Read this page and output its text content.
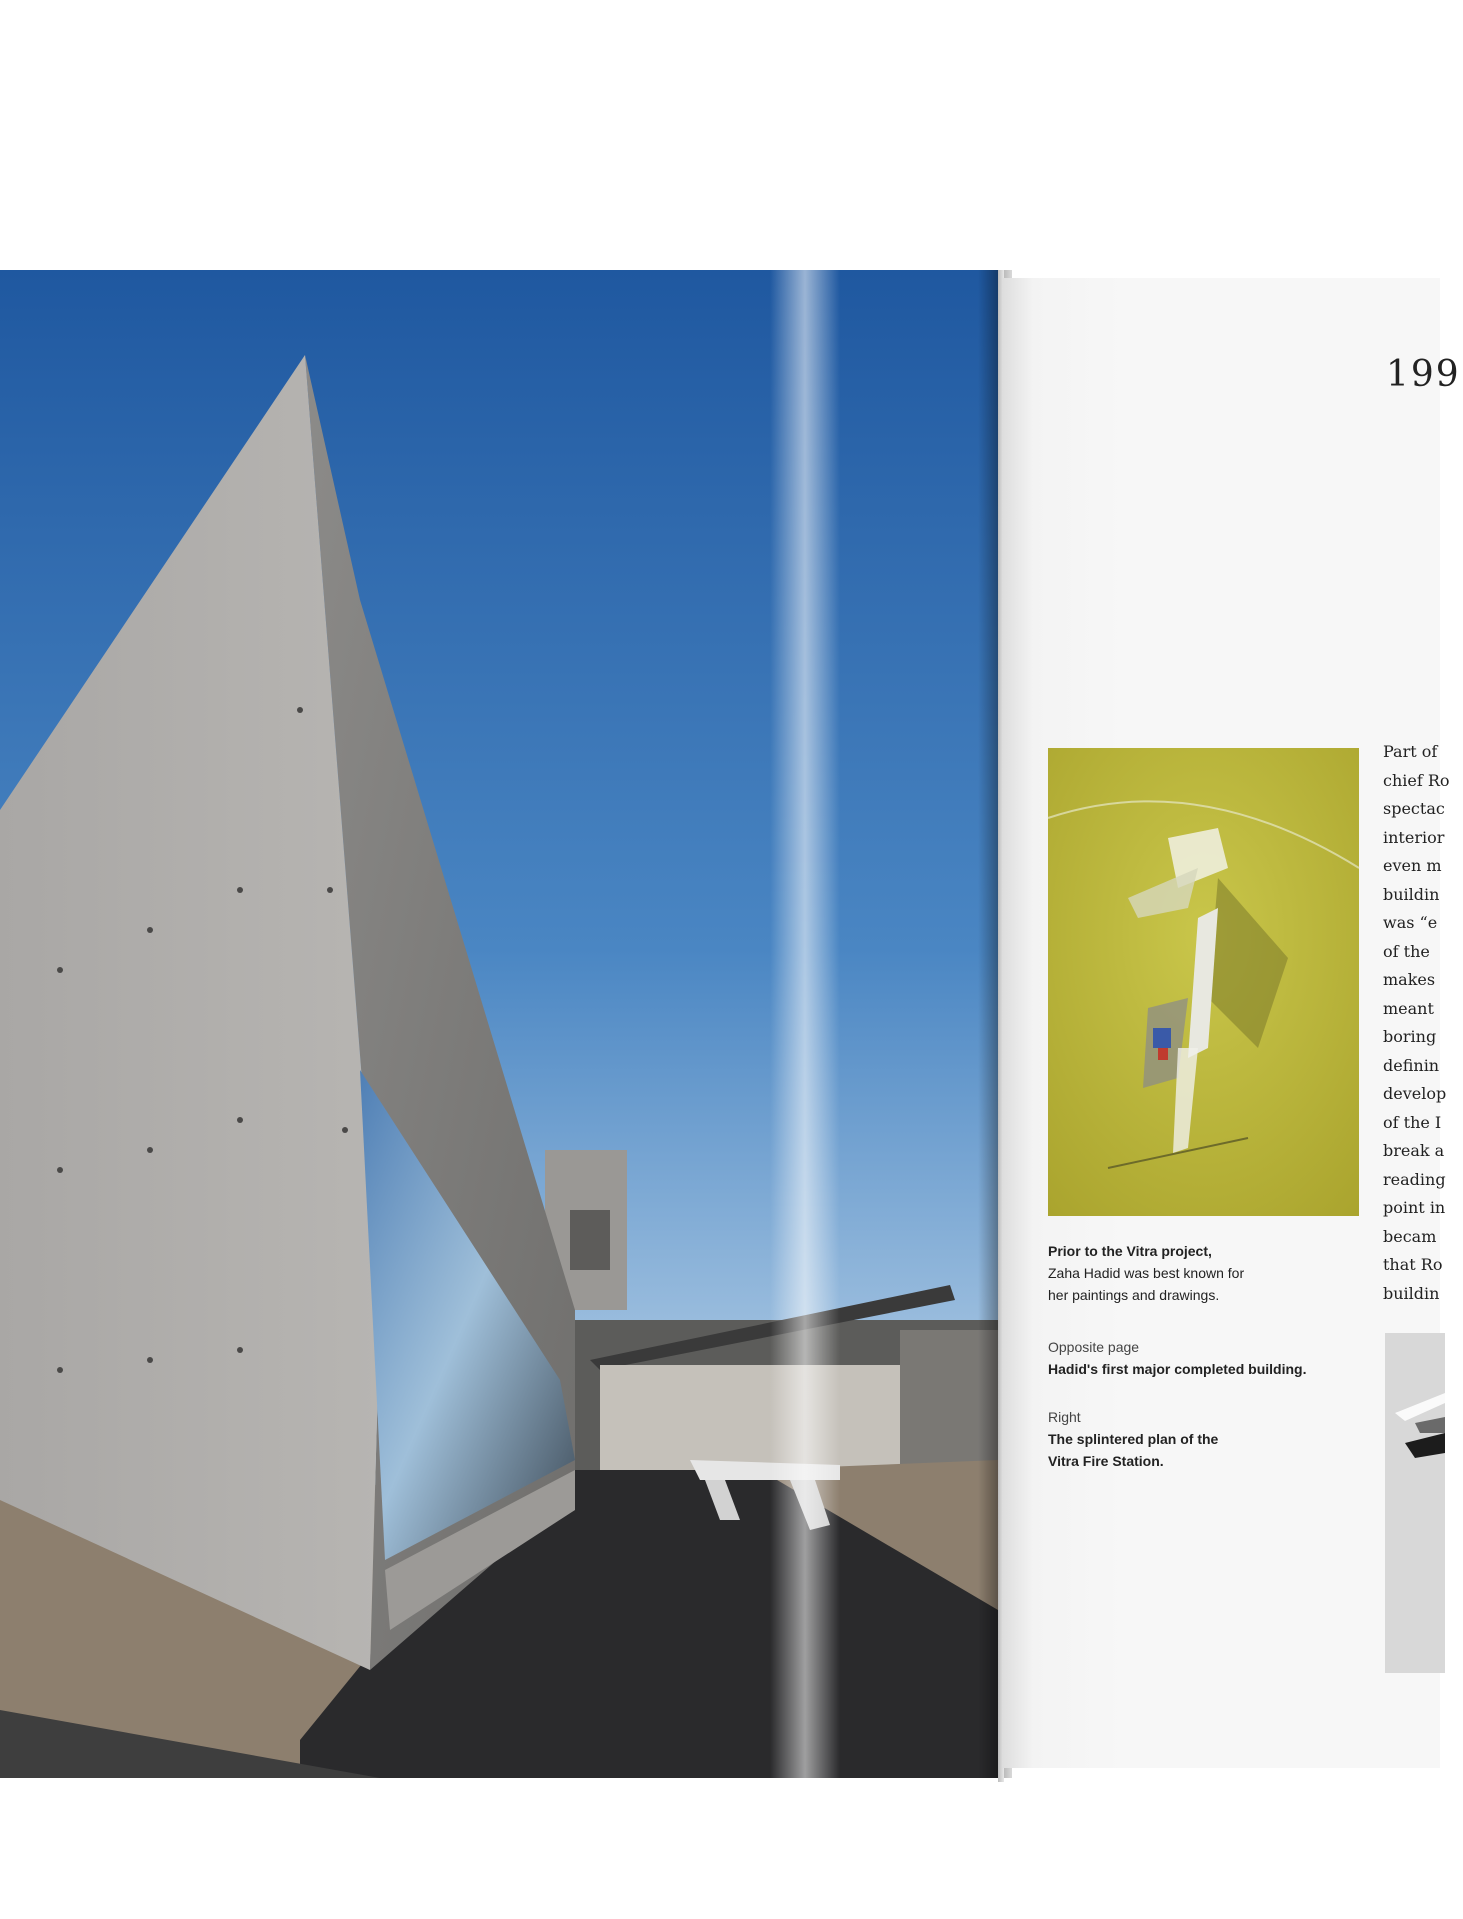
199
Prior to the Vitra project,
Zaha Hadid was best known for
her paintings and drawings.
Opposite page
Hadid's first major completed building.
Right
The splintered plan of the
Vitra Fire Station.
Part of
chief Ro
spectac
interior
even m
buildin
was “e
of the
makes
meant
boring
definin
develop
of the I
break a
reading
point in
becam
that Ro
buildin
